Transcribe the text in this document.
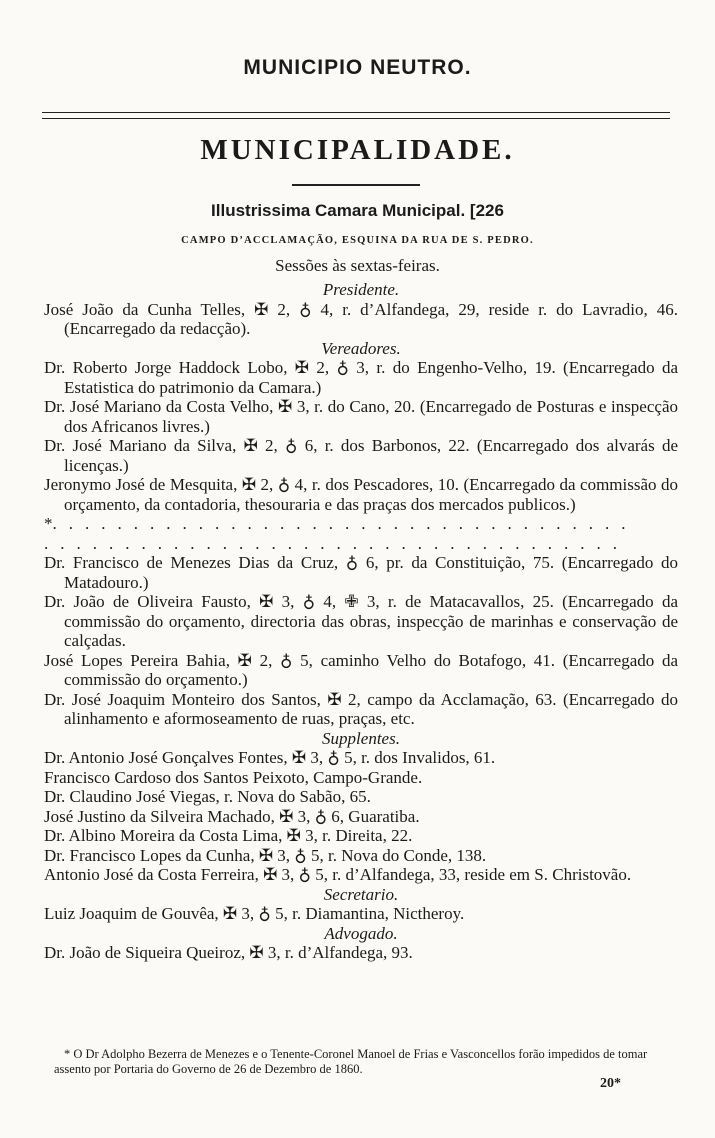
MUNICIPIO NEUTRO.
MUNICIPALIDADE.
Illustrissima Camara Municipal. [226
CAMPO D’ACCLAMAÇÃO, ESQUINA DA RUA DE S. PEDRO.
Sessões às sextas-feiras.
Presidente.
José João da Cunha Telles, ✠ 2, ♁ 4, r. d’Alfandega, 29, reside r. do Lavradio, 46. (Encarregado da redacção).
Vereadores.
Dr. Roberto Jorge Haddock Lobo, ✠ 2, ♁ 3, r. do Engenho-Velho, 19. (Encarregado da Estatistica do patrimonio da Camara.)
Dr. José Mariano da Costa Velho, ✠ 3, r. do Cano, 20. (Encarregado de Posturas e inspecção dos Africanos livres.)
Dr. José Mariano da Silva, ✠ 2, ♁ 6, r. dos Barbonos, 22. (Encarregado dos alvarás de licenças.)
Jeronymo José de Mesquita, ✠ 2, ♁ 4, r. dos Pescadores, 10. (Encarregado da commissão do orçamento, da contadoria, thesouraria e das praças dos mercados publicos.)
*....................................
....................................
Dr. Francisco de Menezes Dias da Cruz, ♁ 6, pr. da Constituição, 75. (Encarregado do Matadouro.)
Dr. João de Oliveira Fausto, ✠ 3, ♁ 4, ✙ 3, r. de Matacavallos, 25. (Encarregado da commissão do orçamento, directoria das obras, inspecção de marinhas e conservação de calçadas.
José Lopes Pereira Bahia, ✠ 2, ♁ 5, caminho Velho do Botafogo, 41. (Encarregado da commissão do orçamento.)
Dr. José Joaquim Monteiro dos Santos, ✠ 2, campo da Acclamação, 63. (Encarregado do alinhamento e aformoseamento de ruas, praças, etc.
Supplentes.
Dr. Antonio José Gonçalves Fontes, ✠ 3, ♁ 5, r. dos Invalidos, 61.
Francisco Cardoso dos Santos Peixoto, Campo-Grande.
Dr. Claudino José Viegas, r. Nova do Sabão, 65.
José Justino da Silveira Machado, ✠ 3, ♁ 6, Guaratiba.
Dr. Albino Moreira da Costa Lima, ✠ 3, r. Direita, 22.
Dr. Francisco Lopes da Cunha, ✠ 3, ♁ 5, r. Nova do Conde, 138.
Antonio José da Costa Ferreira, ✠ 3, ♁ 5, r. d’Alfandega, 33, reside em S. Christovão.
Secretario.
Luiz Joaquim de Gouvêa, ✠ 3, ♁ 5, r. Diamantina, Nictheroy.
Advogado.
Dr. João de Siqueira Queiroz, ✠ 3, r. d’Alfandega, 93.
* O Dr Adolpho Bezerra de Menezes e o Tenente-Coronel Manoel de Frias e Vasconcellos forão impedidos de tomar assento por Portaria do Governo de 26 de Dezembro de 1860.
20*
